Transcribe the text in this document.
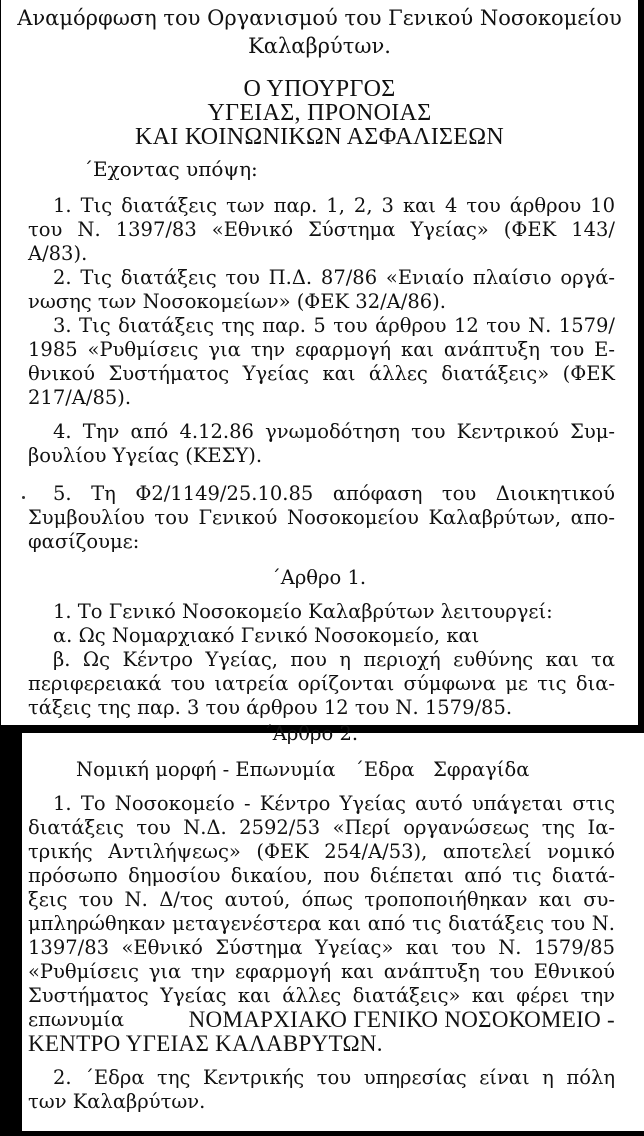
Αναμόρφωση του Οργανισμού του Γενικού Νοσοκομείου
Καλαβρύτων.
Ο ΥΠΟΥΡΓΟΣ
ΥΓΕΙΑΣ, ΠΡΟΝΟΙΑΣ
ΚΑΙ ΚΟΙΝΩΝΙΚΩΝ ΑΣΦΑΛΙΣΕΩΝ
΄Εχοντας υπόψη:
1. Τις διατάξεις των παρ. 1, 2, 3 και 4 του άρθρου 10
του Ν. 1397/83 «Εθνικό Σύστημα Υγείας» (ΦΕΚ 143/
Α/83).
2. Τις διατάξεις του Π.Δ. 87/86 «Ενιαίο πλαίσιο οργά-
νωσης των Νοσοκομείων» (ΦΕΚ 32/Α/86).
3. Τις διατάξεις της παρ. 5 του άρθρου 12 του Ν. 1579/
1985 «Ρυθμίσεις για την εφαρμογή και ανάπτυξη του Ε-
θνικού Συστήματος Υγείας και άλλες διατάξεις» (ΦΕΚ
217/Α/85).
4. Την από 4.12.86 γνωμοδότηση του Κεντρικού Συμ-
βουλίου Υγείας (ΚΕΣΥ).
5. Τη Φ2/1149/25.10.85 απόφαση του Διοικητικού
Συμβουλίου του Γενικού Νοσοκομείου Καλαβρύτων, απο-
φασίζουμε:
΄Αρθρο 1.
1. Το Γενικό Νοσοκομείο Καλαβρύτων λειτουργεί:
α. Ως Νομαρχιακό Γενικό Νοσοκομείο, και
β. Ως Κέντρο Υγείας, που η περιοχή ευθύνης και τα
περιφερειακά του ιατρεία ορίζονται σύμφωνα με τις δια-
τάξεις της παρ. 3 του άρθρου 12 του Ν. 1579/85.
΄Αρθρο 2.
Νομική μορφή - Επωνυμία   ΄Εδρα   Σφραγίδα
1. Το Νοσοκομείο - Κέντρο Υγείας αυτό υπάγεται στις
διατάξεις του Ν.Δ. 2592/53 «Περί οργανώσεως της Ια-
τρικής Αντιλήψεως» (ΦΕΚ 254/Α/53), αποτελεί νομικό
πρόσωπο δημοσίου δικαίου, που διέπεται από τις διατά-
ξεις του Ν. Δ/τος αυτού, όπως τροποποιήθηκαν και συ-
μπληρώθηκαν μεταγενέστερα και από τις διατάξεις του Ν.
1397/83 «Εθνικό Σύστημα Υγείας» και του Ν. 1579/85
«Ρυθμίσεις για την εφαρμογή και ανάπτυξη του Εθνικού
Συστήματος Υγείας και άλλες διατάξεις» και φέρει την
επωνυμία	ΝΟΜΑΡΧΙΑΚΟ ΓΕΝΙΚΟ ΝΟΣΟΚΟΜΕΙΟ -
ΚΕΝΤΡΟ ΥΓΕΙΑΣ ΚΑΛΑΒΡΥΤΩΝ.
2. ΄Εδρα της Κεντρικής του υπηρεσίας είναι η πόλη
των Καλαβρύτων.
